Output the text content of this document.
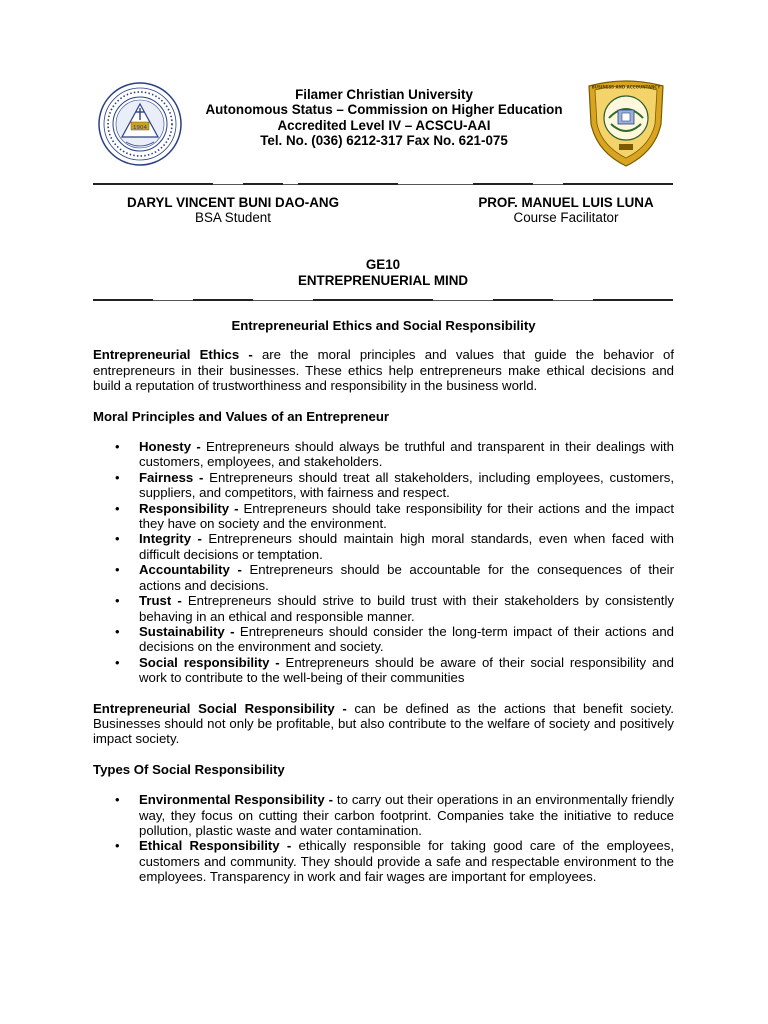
1904
Filamer Christian University
Autonomous Status – Commission on Higher Education
Accredited Level IV – ACSCU-AAI
Tel. No. (036) 6212-317 Fax No. 621-075
BUSINESS AND ACCOUNTANCY
DARYL VINCENT BUNI DAO-ANG
BSA Student
PROF. MANUEL LUIS LUNA
Course Facilitator
GE10
ENTREPRENUERIAL MIND
Entrepreneurial Ethics and Social Responsibility

Entrepreneurial Ethics - are the moral principles and values that guide the behavior of entrepreneurs in their businesses. These ethics help entrepreneurs make ethical decisions and build a reputation of trustworthiness and responsibility in the business world.

Moral Principles and Values of an Entrepreneur
• Honesty - Entrepreneurs should always be truthful and transparent in their dealings with customers, employees, and stakeholders.
• Fairness - Entrepreneurs should treat all stakeholders, including employees, customers, suppliers, and competitors, with fairness and respect.
• Responsibility - Entrepreneurs should take responsibility for their actions and the impact they have on society and the environment.
• Integrity - Entrepreneurs should maintain high moral standards, even when faced with difficult decisions or temptation.
• Accountability - Entrepreneurs should be accountable for the consequences of their actions and decisions.
• Trust - Entrepreneurs should strive to build trust with their stakeholders by consistently behaving in an ethical and responsible manner.
• Sustainability - Entrepreneurs should consider the long-term impact of their actions and decisions on the environment and society.
• Social responsibility - Entrepreneurs should be aware of their social responsibility and work to contribute to the well-being of their communities

Entrepreneurial Social Responsibility - can be defined as the actions that benefit society. Businesses should not only be profitable, but also contribute to the welfare of society and positively impact society.

Types Of Social Responsibility
• Environmental Responsibility - to carry out their operations in an environmentally friendly way, they focus on cutting their carbon footprint. Companies take the initiative to reduce pollution, plastic waste and water contamination.
• Ethical Responsibility - ethically responsible for taking good care of the employees, customers and community. They should provide a safe and respectable environment to the employees. Transparency in work and fair wages are important for employees.
